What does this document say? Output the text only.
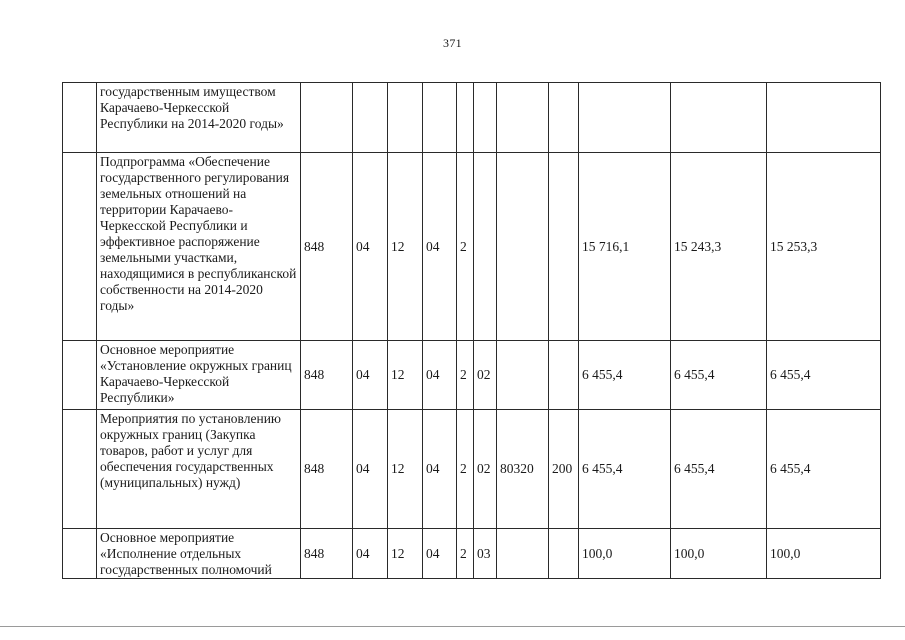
371
	государственным имуществом Карачаево-Черкесской Республики на 2014-2020 годы»											
	Подпрограмма «Обеспечение государственного регулирования земельных отношений на территории Карачаево-Черкесской Республики и эффективное распоряжение земельными участками, находящимися в республиканской собственности на 2014-2020 годы»	848	04	12	04	2				15 716,1	15 243,3	15 253,3
	Основное мероприятие «Установление окружных границ Карачаево-Черкесской Республики»	848	04	12	04	2	02			6 455,4	6 455,4	6 455,4
	Мероприятия по установлению окружных границ (Закупка товаров, работ и услуг для обеспечения государственных (муниципальных) нужд)	848	04	12	04	2	02	80320	200	6 455,4	6 455,4	6 455,4
	Основное мероприятие «Исполнение отдельных государственных полномочий	848	04	12	04	2	03			100,0	100,0	100,0
